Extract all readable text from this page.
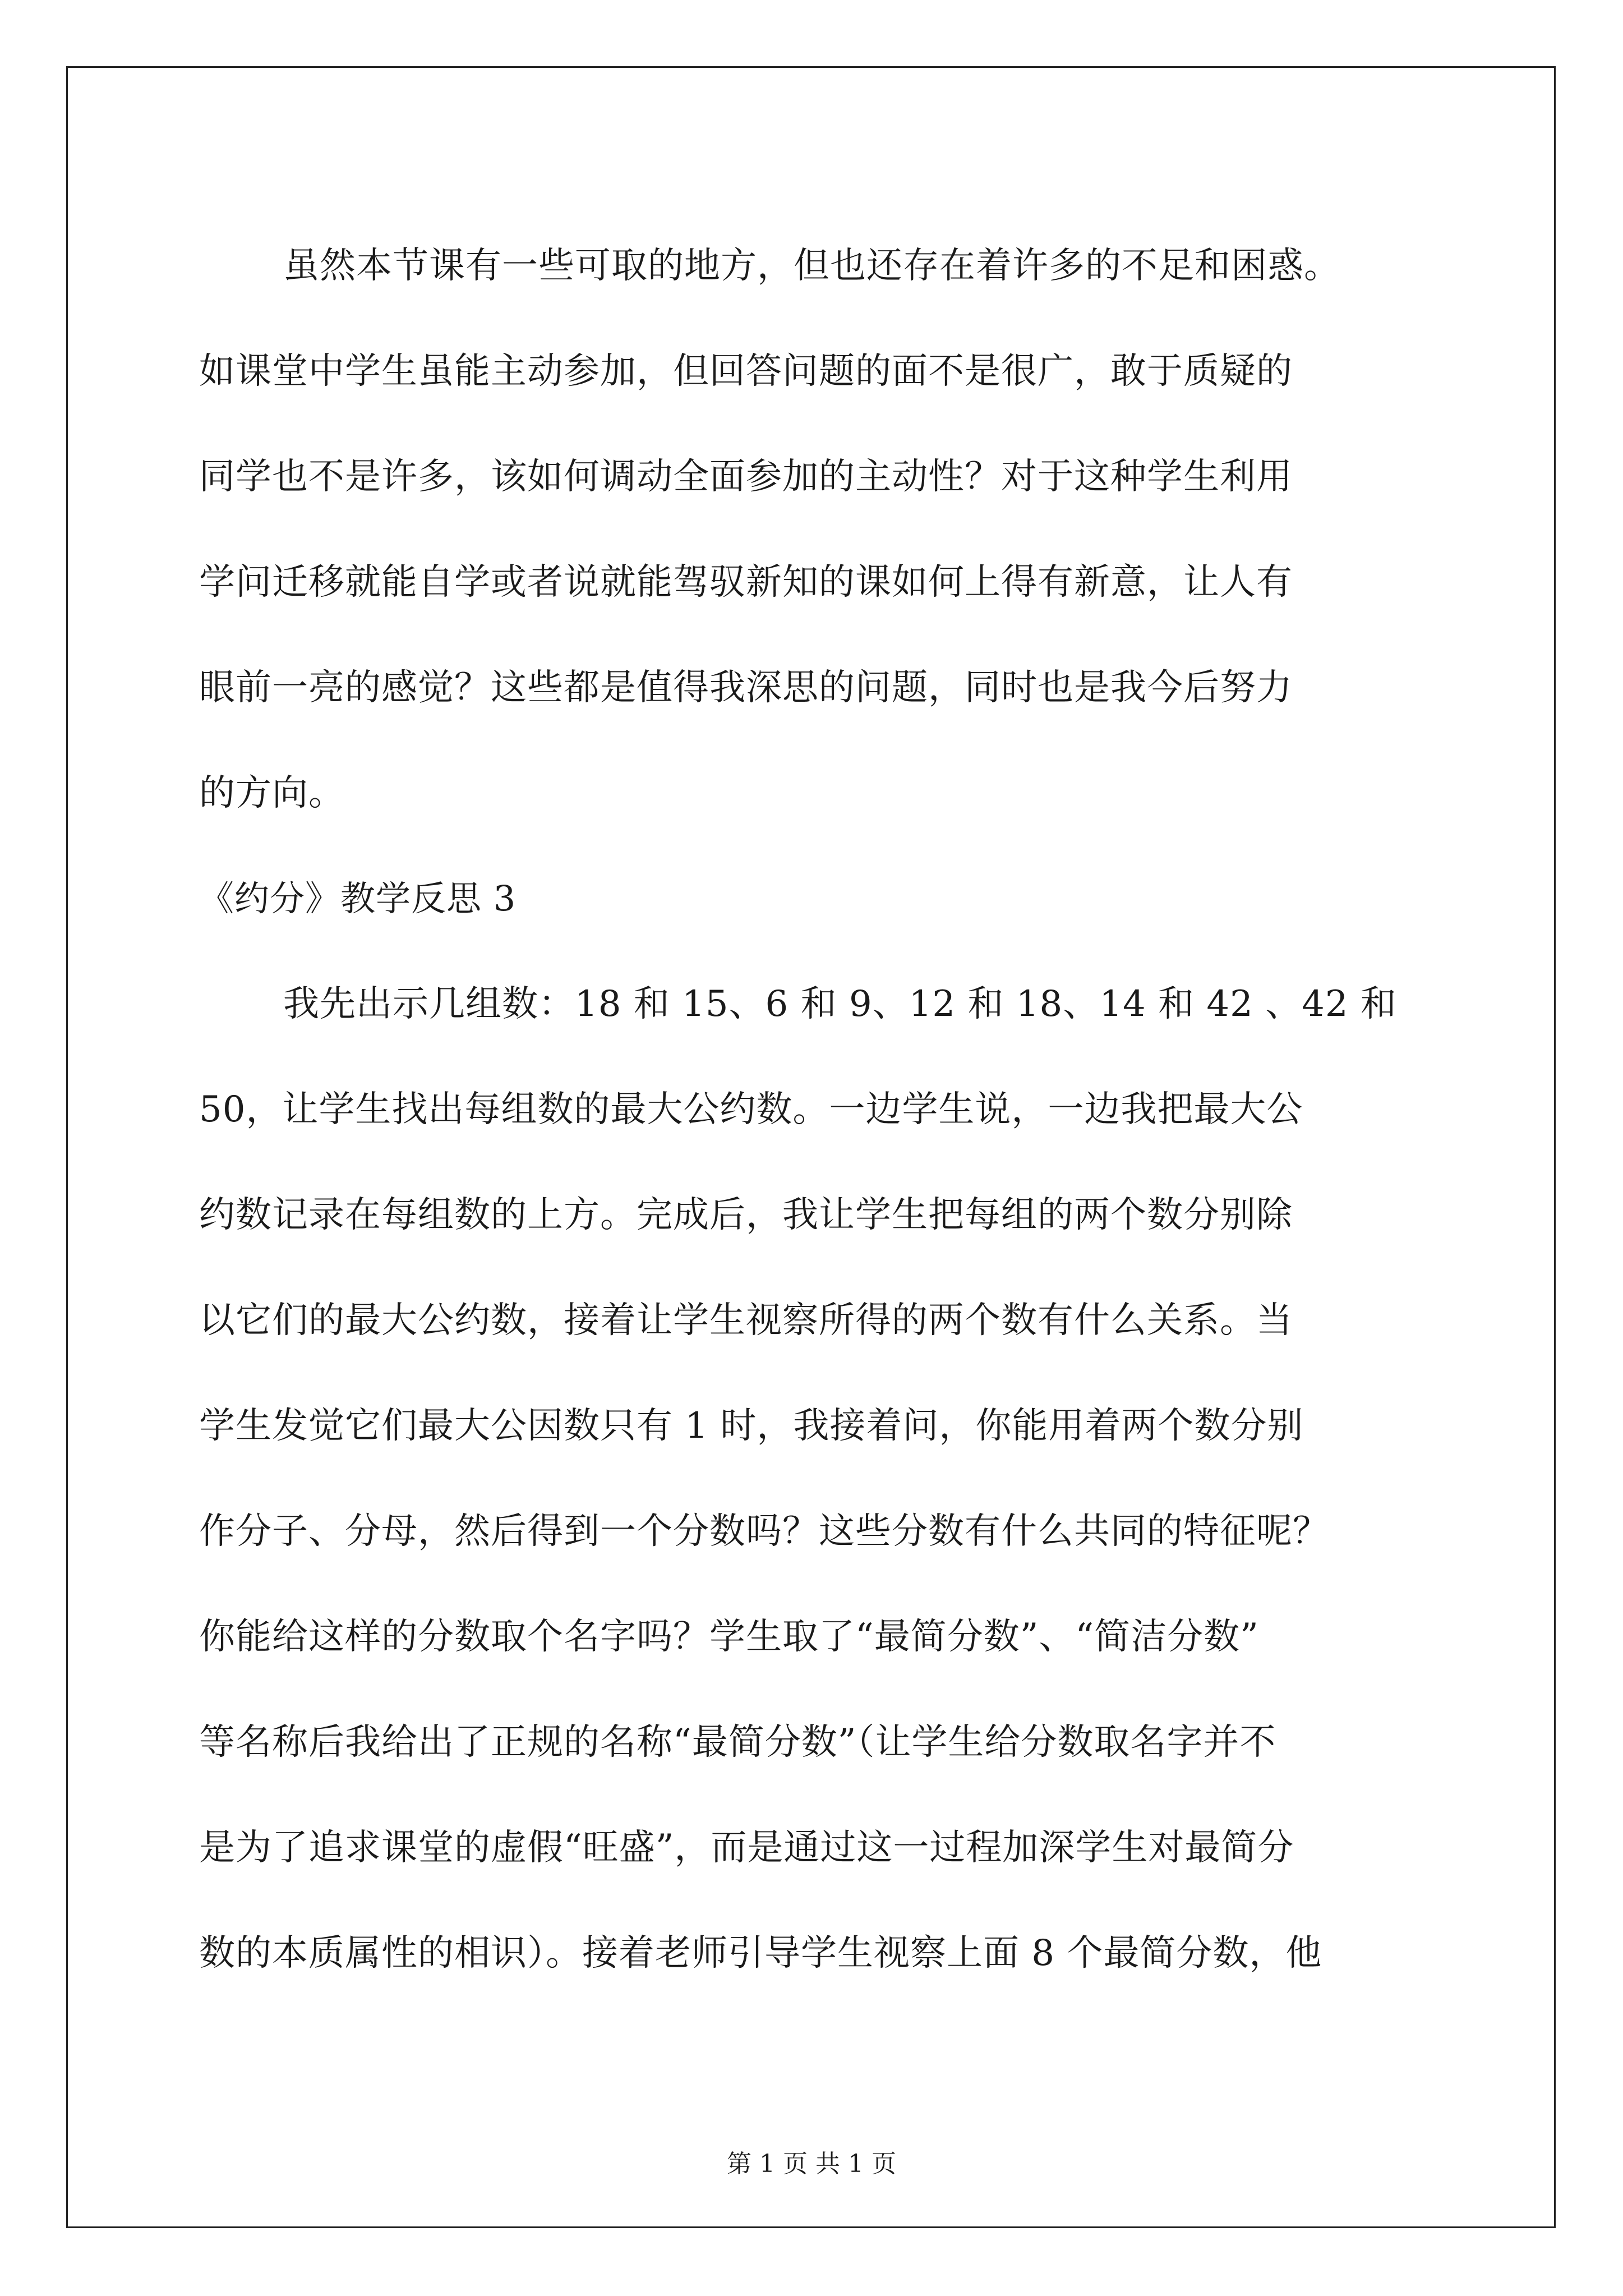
虽然本节课有一些可取的地方，但也还存在着许多的不足和困惑。
如课堂中学生虽能主动参加，但回答问题的面不是很广，敢于质疑的
同学也不是许多，该如何调动全面参加的主动性？对于这种学生利用
学问迁移就能自学或者说就能驾驭新知的课如何上得有新意，让人有
眼前一亮的感觉？这些都是值得我深思的问题，同时也是我今后努力
的方向。
《约分》教学反思 3
我先出示几组数：18 和 15、6 和 9、12 和 18、14 和 42 、42 和
50，让学生找出每组数的最大公约数。一边学生说，一边我把最大公
约数记录在每组数的上方。完成后，我让学生把每组的两个数分别除
以它们的最大公约数，接着让学生视察所得的两个数有什么关系。当
学生发觉它们最大公因数只有 1 时，我接着问，你能用着两个数分别
作分子、分母，然后得到一个分数吗？这些分数有什么共同的特征呢？
你能给这样的分数取个名字吗？学生取了“最简分数”、“简洁分数”
等名称后我给出了正规的名称“最简分数”（让学生给分数取名字并不
是为了追求课堂的虚假“旺盛”，而是通过这一过程加深学生对最简分
数的本质属性的相识）。接着老师引导学生视察上面 8 个最简分数，他
第 1 页 共 1 页
